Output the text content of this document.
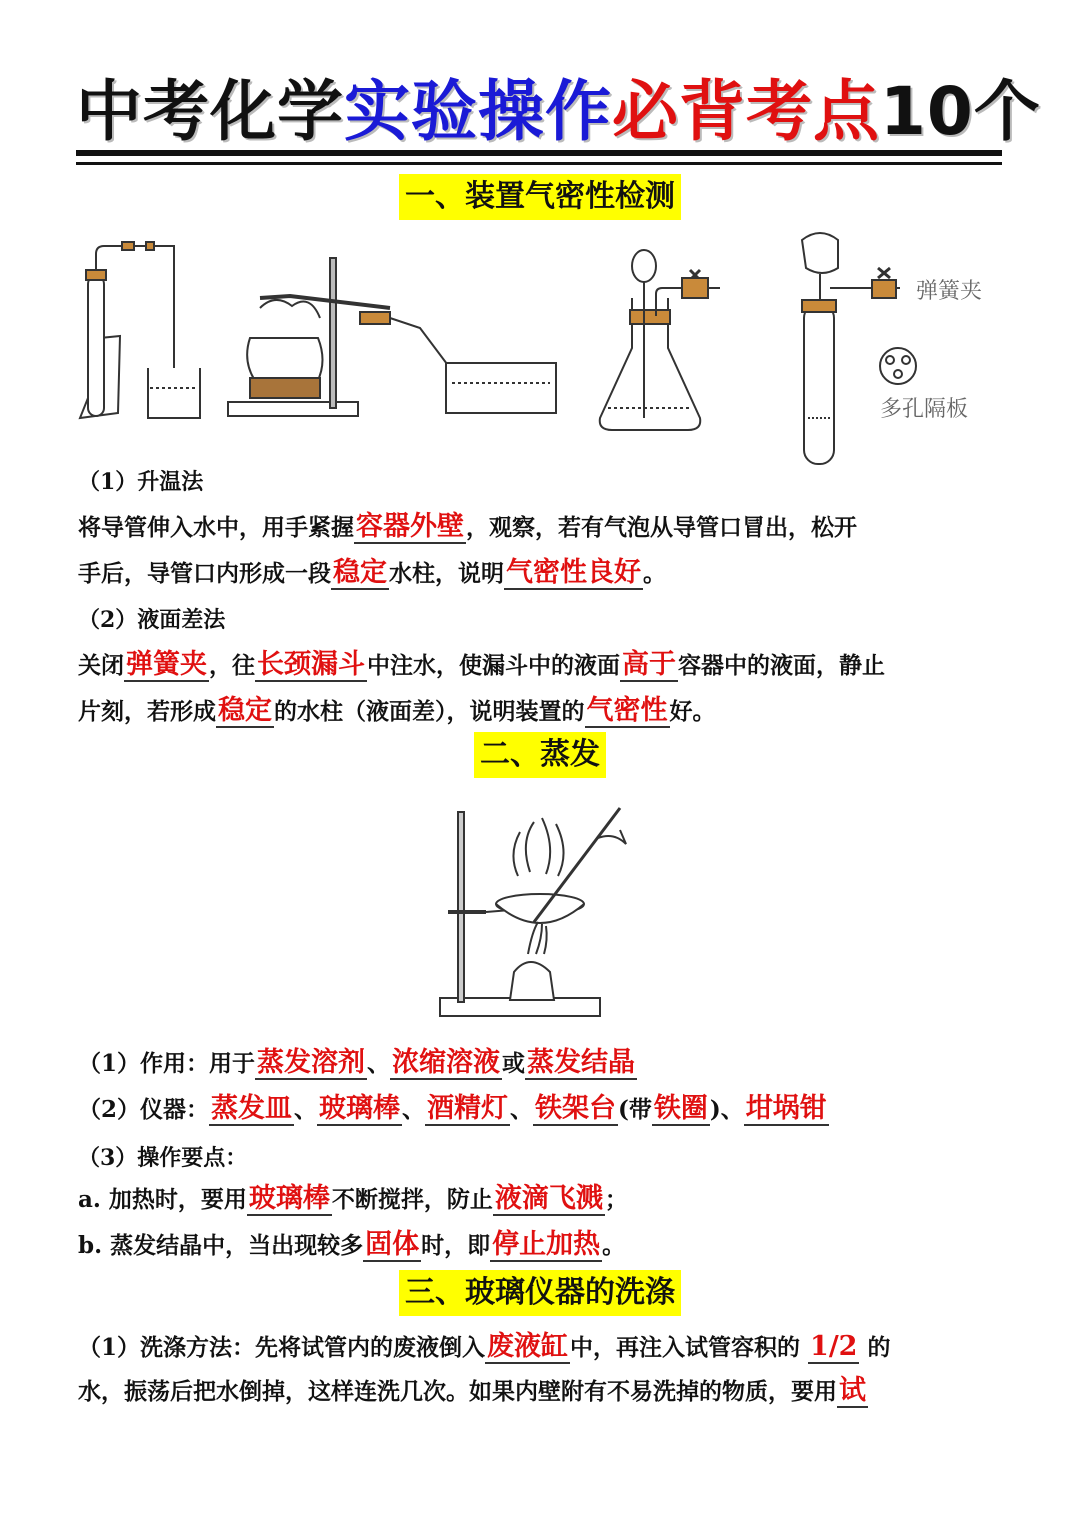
中考化学实验操作必背考点10个
一、装置气密性检测
弹簧夹
多孔隔板
（1）升温法
将导管伸入水中，用手紧握容器外壁，观察，若有气泡从导管口冒出，松开
手后，导管口内形成一段稳定水柱，说明气密性良好。
（2）液面差法
关闭弹簧夹，往长颈漏斗中注水，使漏斗中的液面高于容器中的液面，静止
片刻，若形成稳定的水柱（液面差），说明装置的气密性好。
二、蒸发
（1）作用：用于蒸发溶剂、浓缩溶液或蒸发结晶
（2）仪器：蒸发皿、玻璃棒、酒精灯、铁架台(带铁圈)、坩埚钳
（3）操作要点：
a. 加热时，要用玻璃棒不断搅拌，防止液滴飞溅；
b. 蒸发结晶中，当出现较多固体时，即停止加热。
三、玻璃仪器的洗涤
（1）洗涤方法：先将试管内的废液倒入废液缸中，再注入试管容积的 1/2 的
水，振荡后把水倒掉，这样连洗几次。如果内壁附有不易洗掉的物质，要用试
